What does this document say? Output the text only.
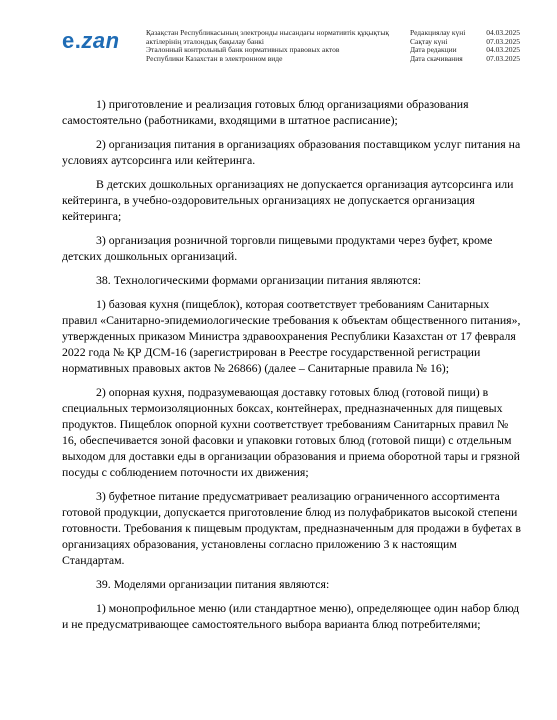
e.zan	Қазақстан Республикасының электронды нысандағы нормативтік құқықтық
актілерінің эталондық бақылау банкі
Эталонный контрольный банк нормативных правовых актов
Республики Казахстан в электронном виде
Редакциялау күні	04.03.2025
Сақтау күні	07.03.2025
Дата редакции	04.03.2025
Дата скачивания	07.03.2025

1) приготовление и реализация готовых блюд организациями образования самостоятельно (работниками, входящими в штатное расписание);

2) организация питания в организациях образования поставщиком услуг питания на условиях аутсорсинга или кейтеринга.

В детских дошкольных организациях не допускается организация аутсорсинга или кейтеринга, в учебно-оздоровительных организациях не допускается организация кейтеринга;

3) организация розничной торговли пищевыми продуктами через буфет, кроме детских дошкольных организаций.

38. Технологическими формами организации питания являются:

1) базовая кухня (пищеблок), которая соответствует требованиям Санитарных правил «Санитарно-эпидемиологические требования к объектам общественного питания», утвержденных приказом Министра здравоохранения Республики Казахстан от 17 февраля 2022 года № ҚР ДСМ-16 (зарегистрирован в Реестре государственной регистрации нормативных правовых актов № 26866) (далее – Санитарные правила № 16);

2) опорная кухня, подразумевающая доставку готовых блюд (готовой пищи) в специальных термоизоляционных боксах, контейнерах, предназначенных для пищевых продуктов. Пищеблок опорной кухни соответствует требованиям Санитарных правил № 16, обеспечивается зоной фасовки и упаковки готовых блюд (готовой пищи) с отдельным выходом для доставки еды в организации образования и приема оборотной тары и грязной посуды с соблюдением поточности их движения;

3) буфетное питание предусматривает реализацию ограниченного ассортимента готовой продукции, допускается приготовление блюд из полуфабрикатов высокой степени готовности. Требования к пищевым продуктам, предназначенным для продажи в буфетах в организациях образования, установлены согласно приложению 3 к настоящим Стандартам.

39. Моделями организации питания являются:

1) монопрофильное меню (или стандартное меню), определяющее один набор блюд и не предусматривающее самостоятельного выбора варианта блюд потребителями;
